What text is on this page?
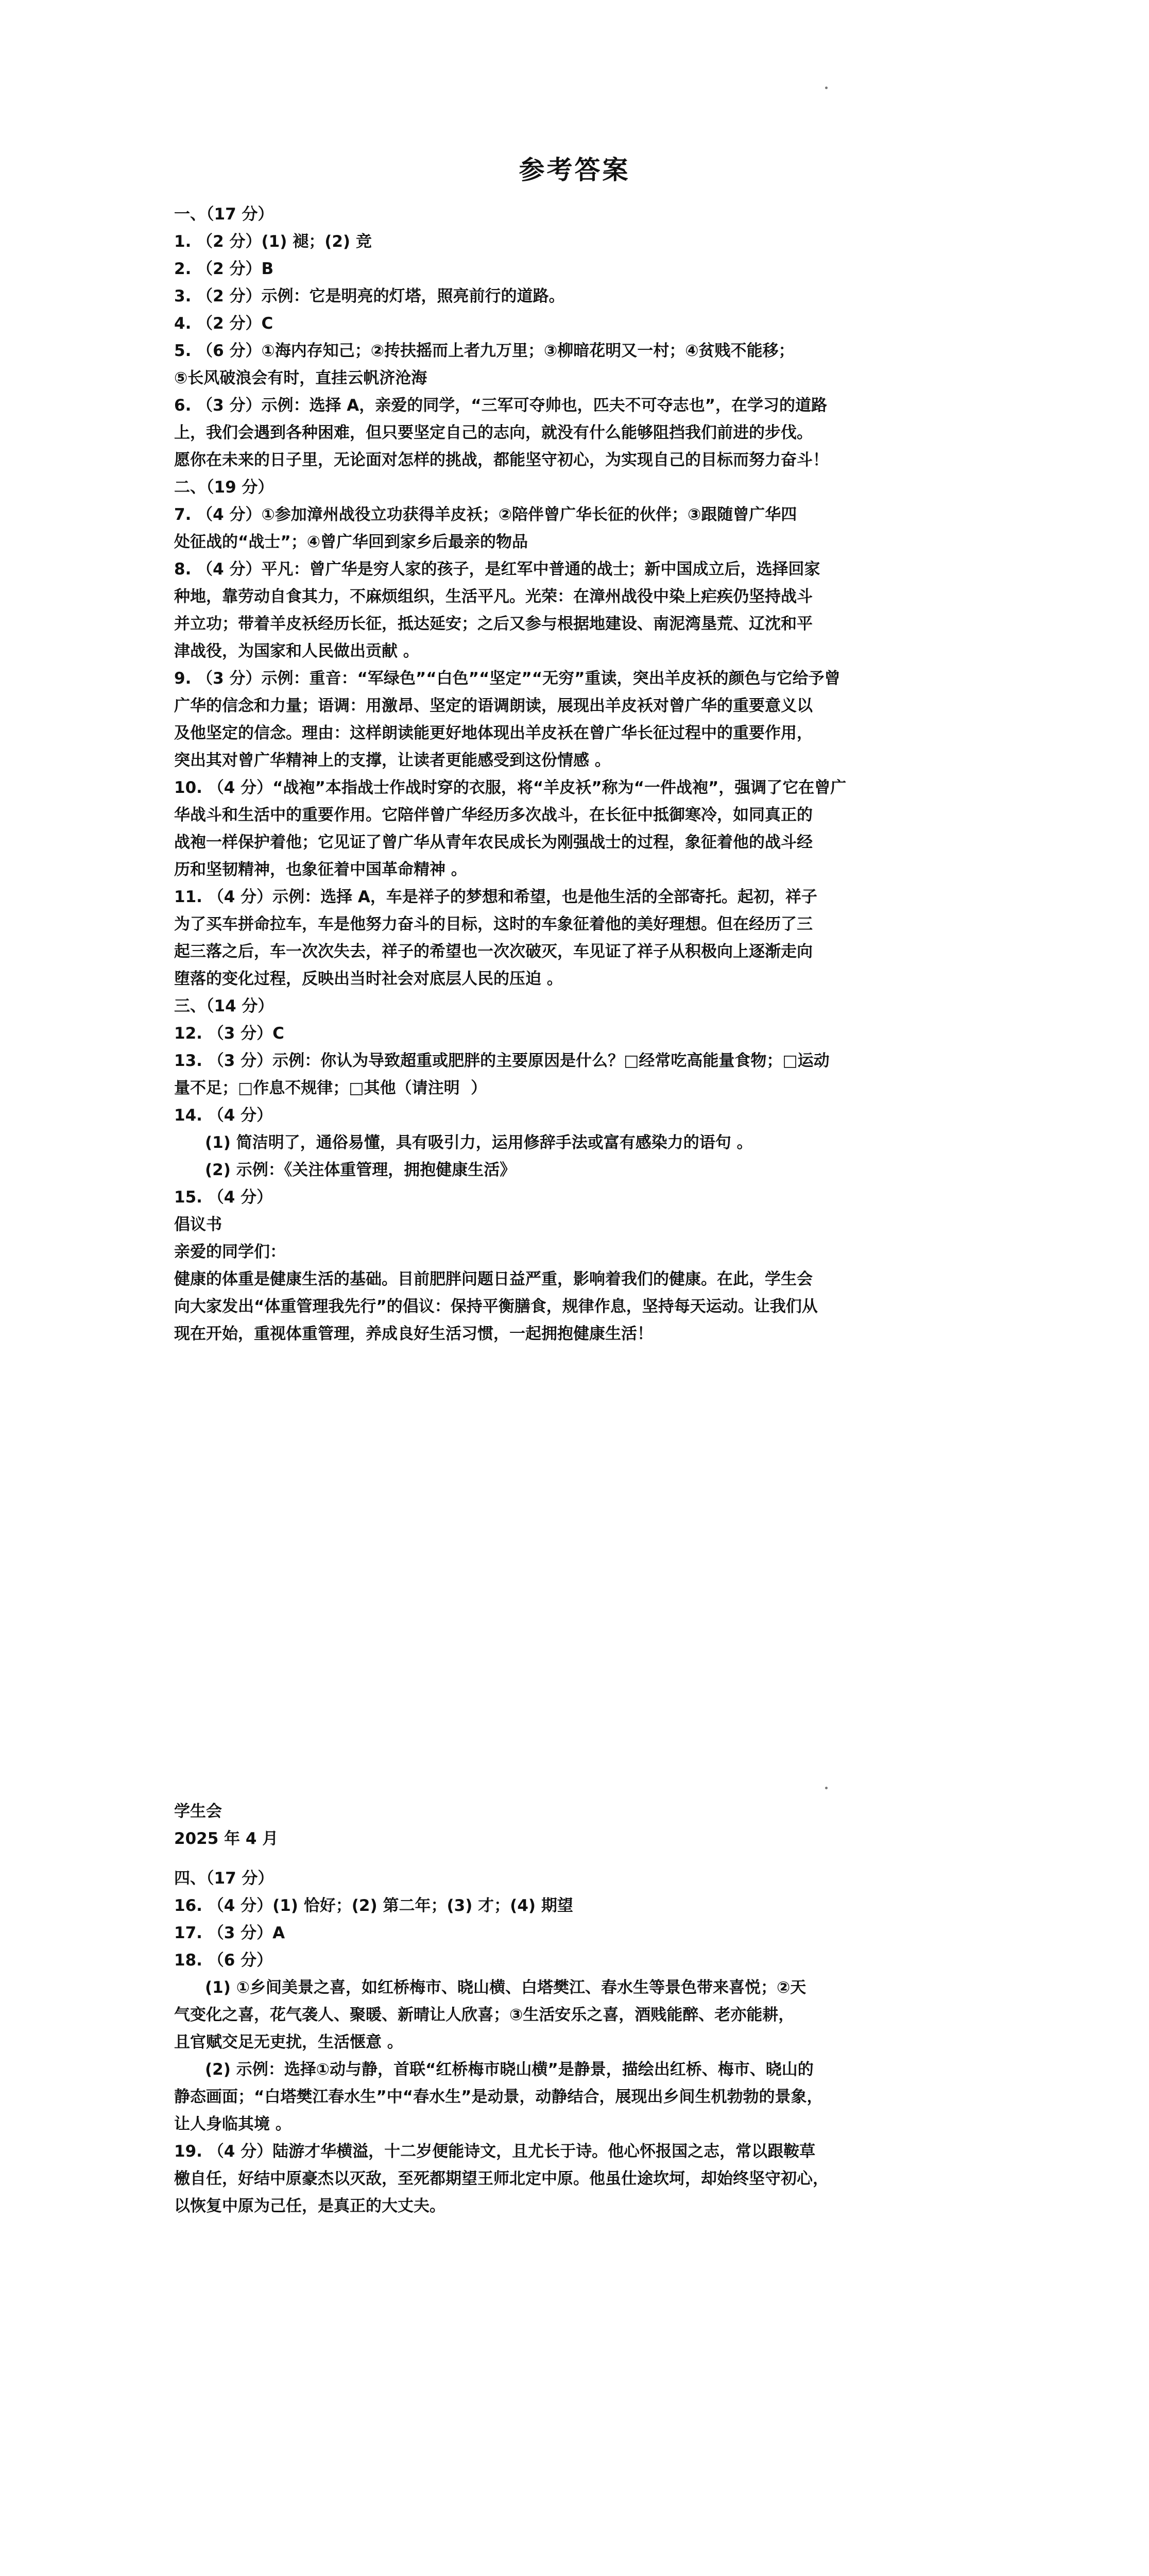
参考答案

一、（17 分）

1. （2 分）(1) 褪；(2) 竞

2. （2 分）B

3. （2 分）示例：它是明亮的灯塔，照亮前行的道路。

4. （2 分）C

5. （6 分）①海内存知己；②抟扶摇而上者九万里；③柳暗花明又一村；④贫贱不能移；

⑤长风破浪会有时，直挂云帆济沧海

6. （3 分）示例：选择 A，亲爱的同学，“三军可夺帅也，匹夫不可夺志也”，在学习的道路

上，我们会遇到各种困难，但只要坚定自己的志向，就没有什么能够阻挡我们前进的步伐。

愿你在未来的日子里，无论面对怎样的挑战，都能坚守初心，为实现自己的目标而努力奋斗！

二、（19 分）

7. （4 分）①参加漳州战役立功获得羊皮袄；②陪伴曾广华长征的伙伴；③跟随曾广华四

处征战的“战士”；④曾广华回到家乡后最亲的物品

8. （4 分）平凡：曾广华是穷人家的孩子，是红军中普通的战士；新中国成立后，选择回家

种地，靠劳动自食其力，不麻烦组织，生活平凡。光荣：在漳州战役中染上疟疾仍坚持战斗

并立功；带着羊皮袄经历长征，抵达延安；之后又参与根据地建设、南泥湾垦荒、辽沈和平

津战役，为国家和人民做出贡献 。

9. （3 分）示例：重音：“军绿色”“白色”“坚定”“无穷”重读，突出羊皮袄的颜色与它给予曾

广华的信念和力量；语调：用激昂、坚定的语调朗读，展现出羊皮袄对曾广华的重要意义以

及他坚定的信念。理由：这样朗读能更好地体现出羊皮袄在曾广华长征过程中的重要作用，

突出其对曾广华精神上的支撑，让读者更能感受到这份情感 。

10. （4 分）“战袍”本指战士作战时穿的衣服，将“羊皮袄”称为“一件战袍”，强调了它在曾广

华战斗和生活中的重要作用。它陪伴曾广华经历多次战斗，在长征中抵御寒冷，如同真正的

战袍一样保护着他；它见证了曾广华从青年农民成长为刚强战士的过程，象征着他的战斗经

历和坚韧精神，也象征着中国革命精神 。

11. （4 分）示例：选择 A，车是祥子的梦想和希望，也是他生活的全部寄托。起初，祥子

为了买车拼命拉车，车是他努力奋斗的目标，这时的车象征着他的美好理想。但在经历了三

起三落之后，车一次次失去，祥子的希望也一次次破灭，车见证了祥子从积极向上逐渐走向

堕落的变化过程，反映出当时社会对底层人民的压迫 。

三、（14 分）

12. （3 分）C

13. （3 分）示例：你认为导致超重或肥胖的主要原因是什么？□经常吃高能量食物；□运动

量不足；□作息不规律；□其他（请注明  ）

14. （4 分）

(1) 简洁明了，通俗易懂，具有吸引力，运用修辞手法或富有感染力的语句 。

(2) 示例：《关注体重管理，拥抱健康生活》

15. （4 分）

倡议书

亲爱的同学们：

健康的体重是健康生活的基础。目前肥胖问题日益严重，影响着我们的健康。在此，学生会

向大家发出“体重管理我先行”的倡议：保持平衡膳食，规律作息，坚持每天运动。让我们从

现在开始，重视体重管理，养成良好生活习惯，一起拥抱健康生活！

学生会

2025 年 4 月

四、（17 分）

16. （4 分）(1) 恰好；(2) 第二年；(3) 才；(4) 期望

17. （3 分）A

18. （6 分）

(1) ①乡间美景之喜，如红桥梅市、晓山横、白塔樊江、春水生等景色带来喜悦；②天

气变化之喜，花气袭人、聚暖、新晴让人欣喜；③生活安乐之喜，酒贱能醉、老亦能耕，

且官赋交足无吏扰，生活惬意 。

(2) 示例：选择①动与静，首联“红桥梅市晓山横”是静景，描绘出红桥、梅市、晓山的

静态画面；“白塔樊江春水生”中“春水生”是动景，动静结合，展现出乡间生机勃勃的景象，

让人身临其境 。

19. （4 分）陆游才华横溢，十二岁便能诗文，且尤长于诗。他心怀报国之志，常以跟鞍草

檄自任，好结中原豪杰以灭敌，至死都期望王师北定中原。他虽仕途坎坷，却始终坚守初心，

以恢复中原为己任，是真正的大丈夫。
